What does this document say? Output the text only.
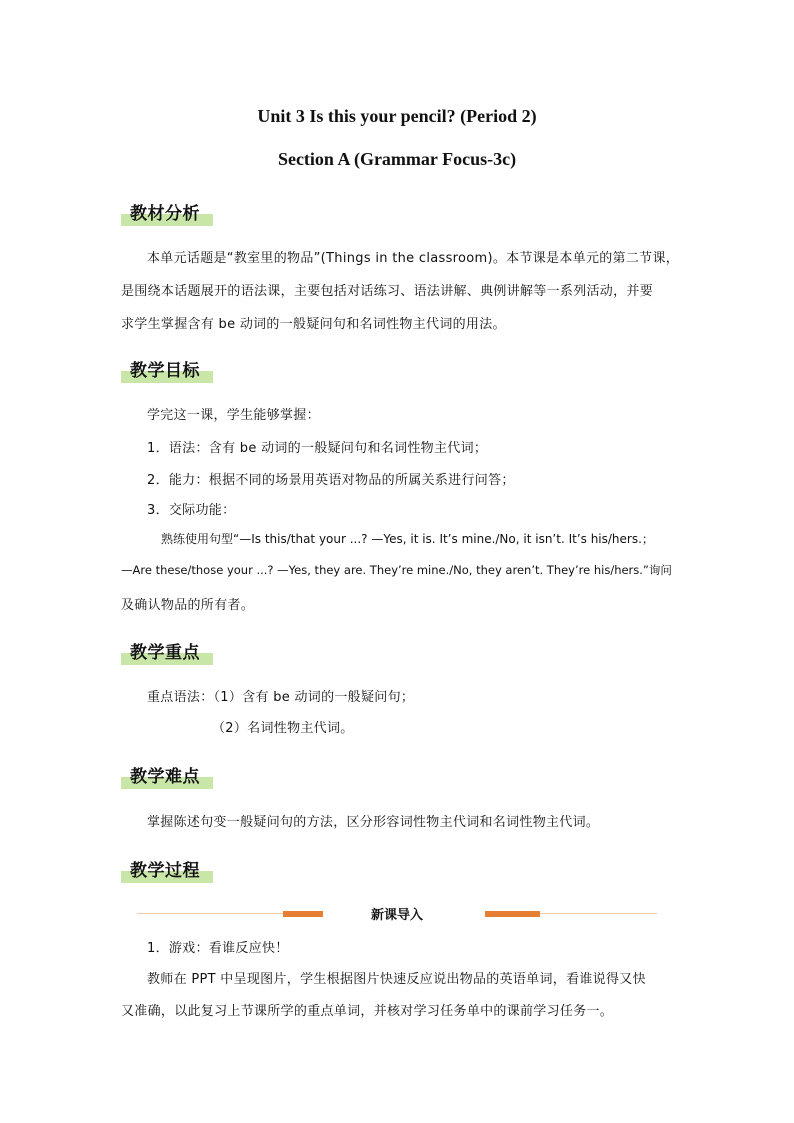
Unit 3 Is this your pencil? (Period 2)
Section A (Grammar Focus-3c)
教材分析
本单元话题是“教室里的物品”(Things in the classroom)。本节课是本单元的第二节课，
是围绕本话题展开的语法课，主要包括对话练习、语法讲解、典例讲解等一系列活动，并要
求学生掌握含有 be 动词的一般疑问句和名词性物主代词的用法。
教学目标
学完这一课，学生能够掌握：
1．语法：含有 be 动词的一般疑问句和名词性物主代词；
2．能力：根据不同的场景用英语对物品的所属关系进行问答；
3．交际功能：
熟练使用句型“—Is this/that your ...? —Yes, it is. It’s mine./No, it isn’t. It’s his/hers.；
—Are these/those your ...? —Yes, they are. They’re mine./No, they aren’t. They’re his/hers.”询问
及确认物品的所有者。
教学重点
重点语法：（1）含有 be 动词的一般疑问句；
（2）名词性物主代词。
教学难点
掌握陈述句变一般疑问句的方法，区分形容词性物主代词和名词性物主代词。
教学过程
新课导入
1．游戏：看谁反应快！
教师在 PPT 中呈现图片，学生根据图片快速反应说出物品的英语单词，看谁说得又快
又准确，以此复习上节课所学的重点单词，并核对学习任务单中的课前学习任务一。
